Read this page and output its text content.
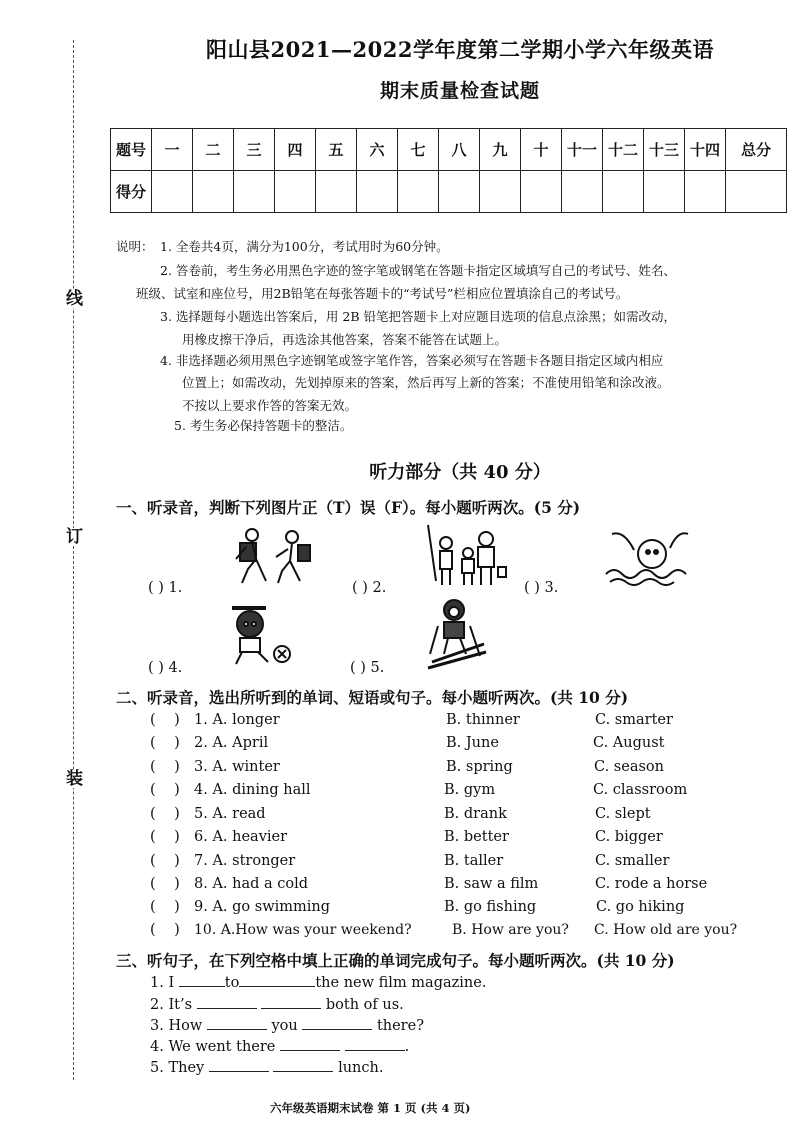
线
订
装
阳山县2021—2022学年度第二学期小学六年级英语
期末质量检查试题
题号	一	二	三	四	五	六	七	八	九	十	十一	十二	十三	十四	总分
得分															
说明： 1. 全卷共4页，满分为100分，考试用时为60分钟。
2. 答卷前，考生务必用黑色字迹的签字笔或钢笔在答题卡指定区域填写自己的考试号、姓名、
班级、试室和座位号，用2B铅笔在每张答题卡的“考试号”栏相应位置填涂自己的考试号。
3. 选择题每小题选出答案后，用 2B 铅笔把答题卡上对应题目选项的信息点涂黑；如需改动，
用橡皮擦干净后，再选涂其他答案，答案不能答在试题上。
4. 非选择题必须用黑色字迹钢笔或签字笔作答，答案必须写在答题卡各题目指定区域内相应
位置上；如需改动，先划掉原来的答案，然后再写上新的答案；不准使用铅笔和涂改液。
不按以上要求作答的答案无效。
5. 考生务必保持答题卡的整洁。
听力部分（共 40 分）
一、听录音，判断下列图片正（T）误（F）。每小题听两次。(5 分)
( ) 1.	( ) 2.	( ) 3.
( ) 4.	( ) 5.
二、听录音，选出所听到的单词、短语或句子。每小题听两次。(共 10 分)
(    ) 1. A. longer	B. thinner	C. smarter
(    ) 2. A. April	B. June	C. August
(    ) 3. A. winter	B. spring	C. season
(    ) 4. A. dining hall	B. gym	C. classroom
(    ) 5. A. read	B. drank	C. slept
(    ) 6. A. heavier	B. better	C. bigger
(    ) 7. A. stronger	B. taller	C. smaller
(    ) 8. A. had a cold	B. saw a film	C. rode a horse
(    ) 9. A. go swimming	B. go fishing	C. go hiking
(    ) 10. A.How was your weekend?	B. How are you? C. How old are you?
三、听句子，在下列空格中填上正确的单词完成句子。每小题听两次。(共 10 分)
1. I	to	the new film magazine.
2. It’s	both of us.
3. How	you	there?
4. We went there	.
5. They	lunch.
六年级英语期末试卷 第 1 页 (共 4 页)
